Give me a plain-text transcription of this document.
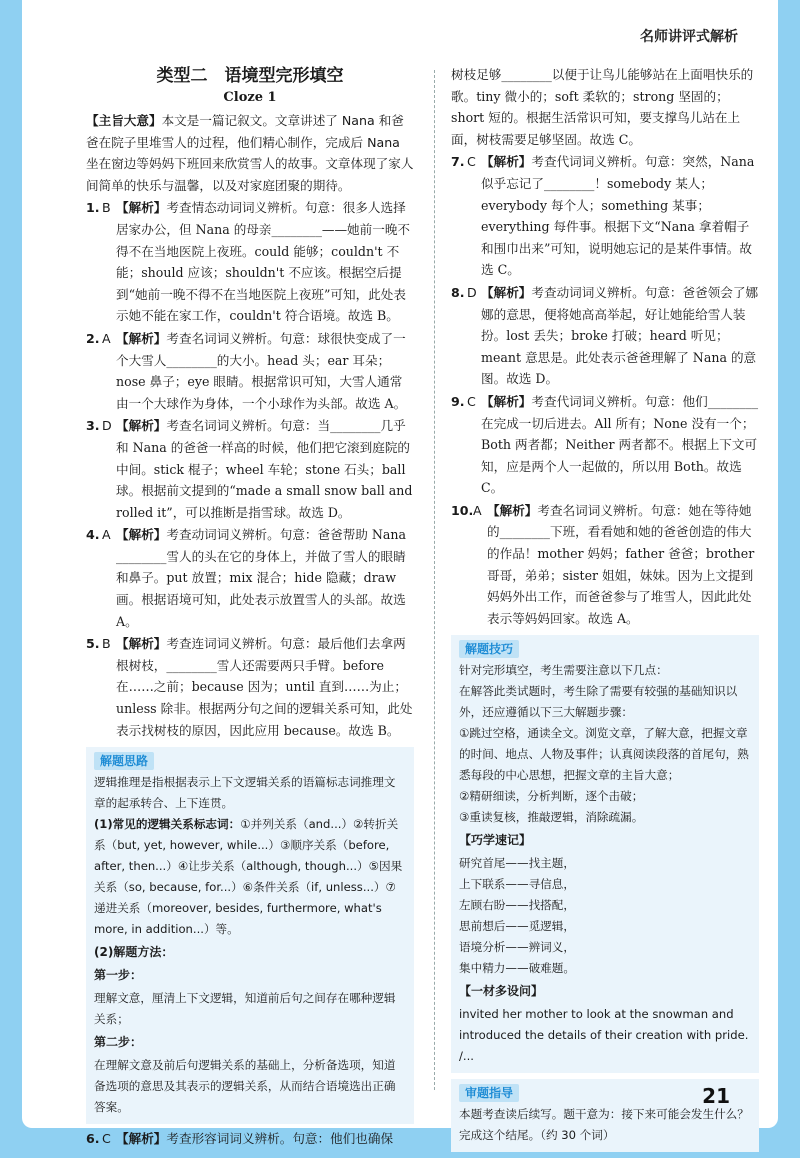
名师讲评式解析

类型二　语境型完形填空

Cloze 1

【主旨大意】本文是一篇记叙文。文章讲述了 Nana 和爸爸在院子里堆雪人的过程，他们精心制作，完成后 Nana 坐在窗边等妈妈下班回来欣赏雪人的故事。文章体现了家人间简单的快乐与温馨，以及对家庭团聚的期待。

1. B 【解析】考查情态动词词义辨析。句意：很多人选择居家办公，但 Nana 的母亲________——她前一晚不得不在当地医院上夜班。could 能够；couldn't 不能；should 应该；shouldn't 不应该。根据空后提到“她前一晚不得不在当地医院上夜班”可知，此处表示她不能在家工作，couldn't 符合语境。故选 B。
2. A 【解析】考查名词词义辨析。句意：球很快变成了一个大雪人________的大小。head 头；ear 耳朵；nose 鼻子；eye 眼睛。根据常识可知，大雪人通常由一个大球作为身体，一个小球作为头部。故选 A。
3. D 【解析】考查名词词义辨析。句意：当________几乎和 Nana 的爸爸一样高的时候，他们把它滚到庭院的中间。stick 棍子；wheel 车轮；stone 石头；ball 球。根据前文提到的“made a small snow ball and rolled it”，可以推断是指雪球。故选 D。
4. A 【解析】考查动词词义辨析。句意：爸爸帮助 Nana ________雪人的头在它的身体上，并做了雪人的眼睛和鼻子。put 放置；mix 混合；hide 隐藏；draw 画。根据语境可知，此处表示放置雪人的头部。故选 A。
5. B 【解析】考查连词词义辨析。句意：最后他们去拿两根树枝，________雪人还需要两只手臂。before 在……之前；because 因为；until 直到……为止；unless 除非。根据两分句之间的逻辑关系可知，此处表示找树枝的原因，因此应用 because。故选 B。
解题思路

逻辑推理是指根据表示上下文逻辑关系的语篇标志词推理文章的起承转合、上下连贯。

(1)常见的逻辑关系标志词：①并列关系（and...）②转折关系（but, yet, however, while...）③顺序关系（before, after, then...）④让步关系（although, though...）⑤因果关系（so, because, for...）⑥条件关系（if, unless...）⑦递进关系（moreover, besides, furthermore, what's more, in addition...）等。

(2)解题方法：

第一步：

理解文意，厘清上下文逻辑，知道前后句之间存在哪种逻辑关系；

第二步：

在理解文意及前后句逻辑关系的基础上，分析备选项，知道备选项的意思及其表示的逻辑关系，从而结合语境选出正确答案。

6. C 【解析】考查形容词词义辨析。句意：他们也确保

树枝足够________以便于让鸟儿能够站在上面唱快乐的歌。tiny 微小的；soft 柔软的；strong 坚固的；short 短的。根据生活常识可知，要支撑鸟儿站在上面，树枝需要足够坚固。故选 C。

7. C 【解析】考查代词词义辨析。句意：突然，Nana 似乎忘记了________！somebody 某人；everybody 每个人；something 某事；everything 每件事。根据下文“Nana 拿着帽子和围巾出来”可知，说明她忘记的是某件事情。故选 C。
8. D 【解析】考查动词词义辨析。句意：爸爸领会了娜娜的意思，便将她高高举起，好让她能给雪人装扮。lost 丢失；broke 打破；heard 听见；meant 意思是。此处表示爸爸理解了 Nana 的意图。故选 D。
9. C 【解析】考查代词词义辨析。句意：他们________在完成一切后进去。All 所有；None 没有一个；Both 两者都；Neither 两者都不。根据上下文可知，应是两个人一起做的，所以用 Both。故选 C。
10. A 【解析】考查名词词义辨析。句意：她在等待她的________下班，看看她和她的爸爸创造的伟大的作品！mother 妈妈；father 爸爸；brother 哥哥，弟弟；sister 姐姐，妹妹。因为上文提到妈妈外出工作，而爸爸参与了堆雪人，因此此处表示等妈妈回家。故选 A。
解题技巧

针对完形填空，考生需要注意以下几点：

在解答此类试题时，考生除了需要有较强的基础知识以外，还应遵循以下三大解题步骤：

①跳过空格，通读全文。浏览文章，了解大意，把握文章的时间、地点、人物及事件；认真阅读段落的首尾句，熟悉每段的中心思想，把握文章的主旨大意；

②精研细读，分析判断，逐个击破；

③重读复核，推敲逻辑，消除疏漏。

【巧学速记】

研究首尾——找主题，

上下联系——寻信息，

左顾右盼——找搭配，

思前想后——觅逻辑，

语境分析——辨词义，

集中精力——破难题。

【一材多设问】

invited her mother to look at the snowman and introduced the details of their creation with pride. /...

审题指导

本题考查读后续写。题干意为：接下来可能会发生什么？完成这个结尾。（约 30 个词）

21
